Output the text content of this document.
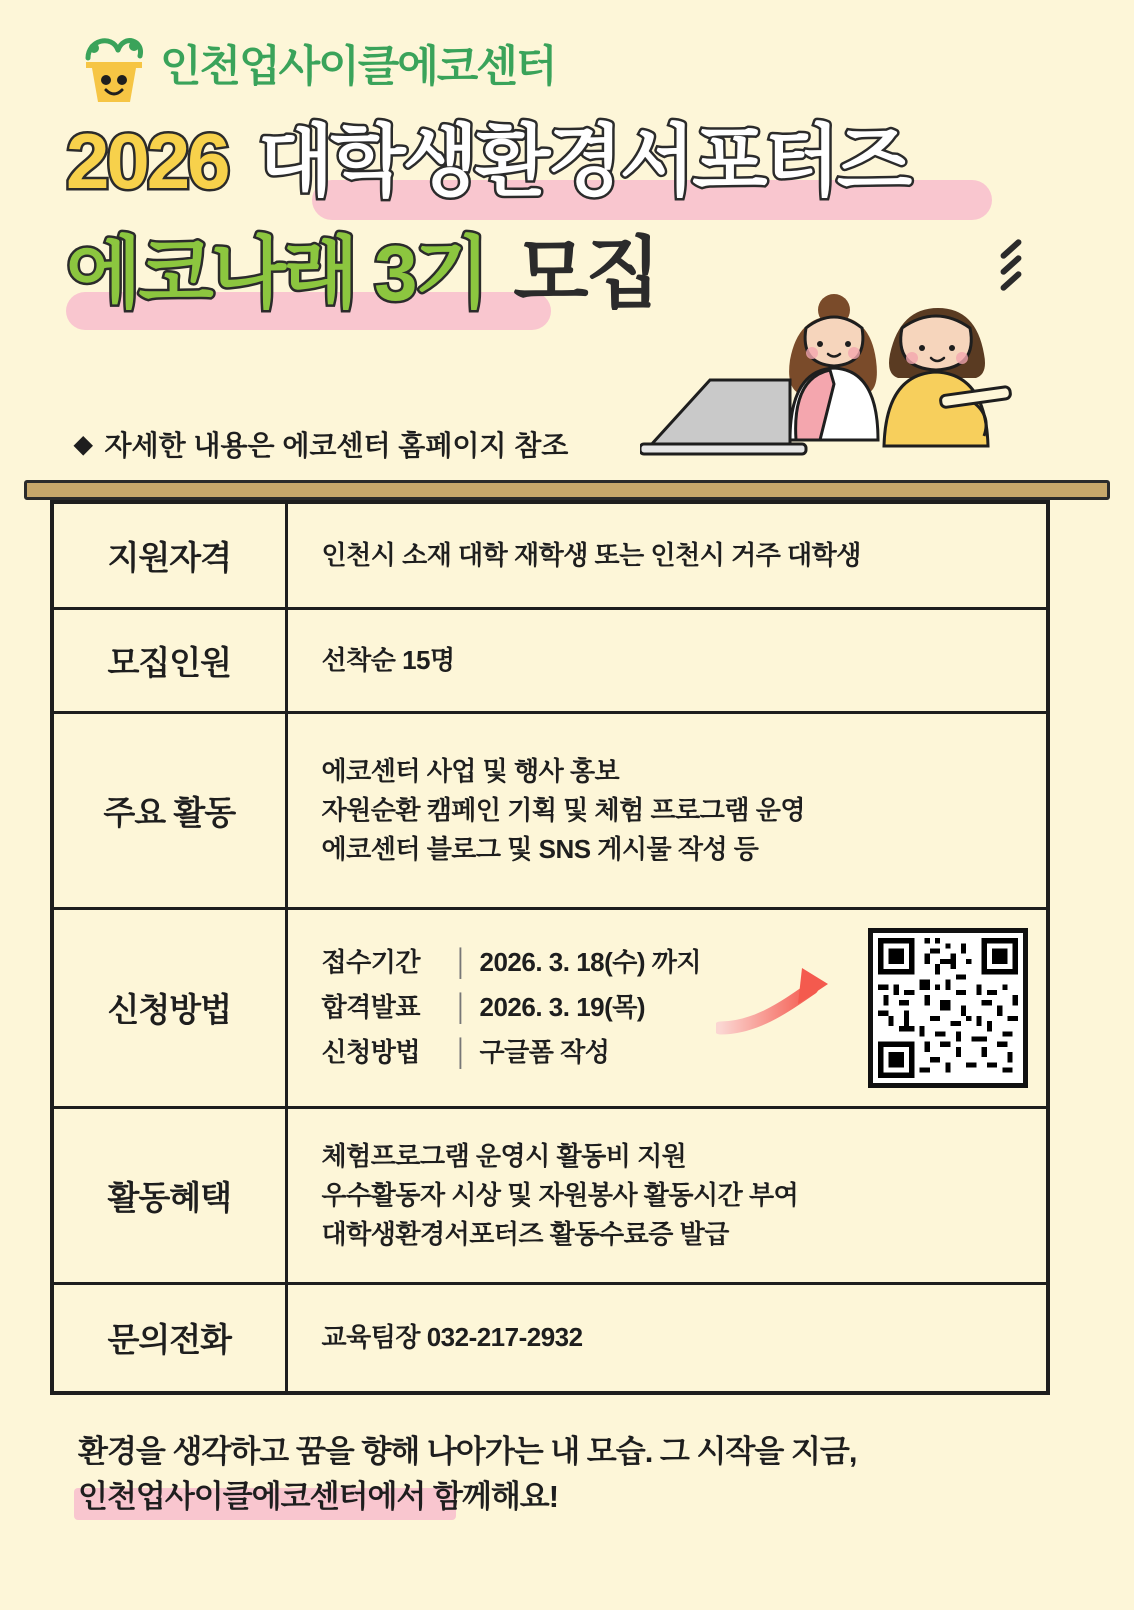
인천업사이클에코센터
2026 대학생환경서포터즈
에코나래 3기 모집
◆ 자세한 내용은 에코센터 홈페이지 참조
지원자격	인천시 소재 대학 재학생 또는 인천시 거주 대학생

모집인원	선착순 15명

주요 활동	에코센터 사업 및 행사 홍보
자원순환 캠페인 기획 및 체험 프로그램 운영
에코센터 블로그 및 SNS 게시물 작성 등

신청방법	
접수기간	│ 2026. 3. 18(수) 까지
합격발표	│ 2026. 3. 19(목)
신청방법	│ 구글폼 작성

활동혜택	체험프로그램 운영시 활동비 지원
우수활동자 시상 및 자원봉사 활동시간 부여
대학생환경서포터즈 활동수료증 발급

문의전화	교육팀장 032-217-2932
환경을 생각하고 꿈을 향해 나아가는 내 모습. 그 시작을 지금,
인천업사이클에코센터에서 함께해요!
